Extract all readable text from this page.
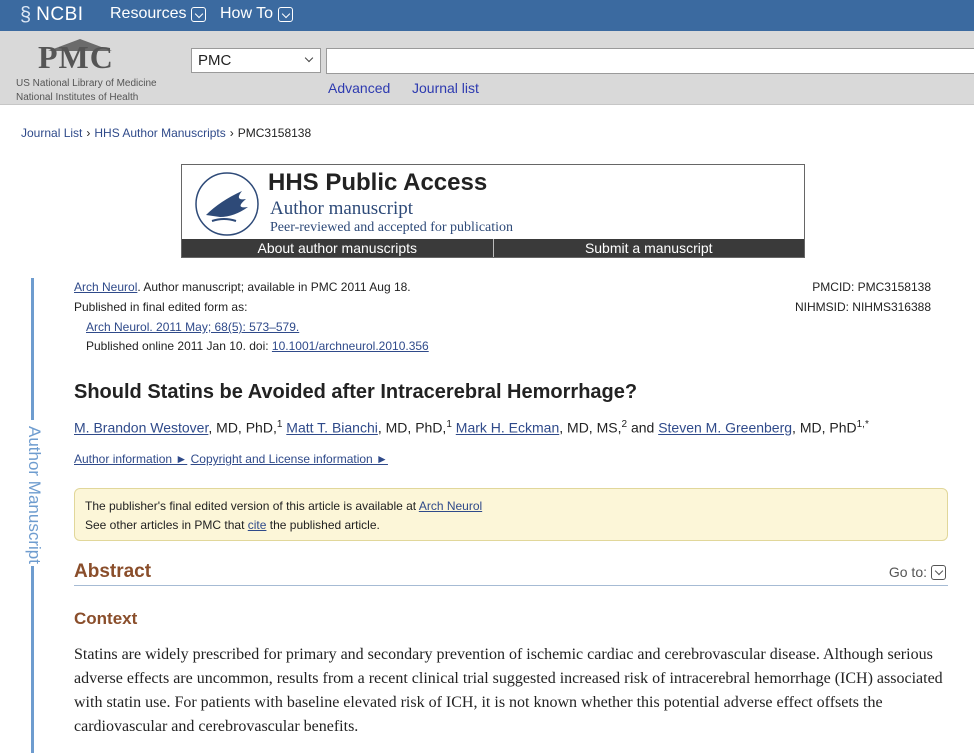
§ NCBI Resources How To
PMC
US National Library of Medicine
National Institutes of Health
PMC
Advanced Journal list
Journal List › HHS Author Manuscripts › PMC3158138
HHS Public Access
Author manuscript
Peer-reviewed and accepted for publication
About author manuscripts	Submit a manuscript
Author Manuscript
Arch Neurol. Author manuscript; available in PMC 2011 Aug 18.
Published in final edited form as:
Arch Neurol. 2011 May; 68(5): 573–579.
Published online 2011 Jan 10. doi: 10.1001/archneurol.2010.356
PMCID: PMC3158138
NIHMSID: NIHMS316388
Should Statins be Avoided after Intracerebral Hemorrhage?
M. Brandon Westover, MD, PhD,$^1$ Matt T. Bianchi, MD, PhD,$^1$ Mark H. Eckman, MD, MS,$^2$ and Steven M. Greenberg, MD, PhD$^{1,*}$
Author information ► Copyright and License information ►
The publisher's final edited version of this article is available at Arch Neurol
See other articles in PMC that cite the published article.
Abstract	Go to:
Context

Statins are widely prescribed for primary and secondary prevention of ischemic cardiac and cerebrovascular disease. Although serious adverse effects are uncommon, results from a recent clinical trial suggested increased risk of intracerebral hemorrhage (ICH) associated with statin use. For patients with baseline elevated risk of ICH, it is not known whether this potential adverse effect offsets the cardiovascular and cerebrovascular benefits.
